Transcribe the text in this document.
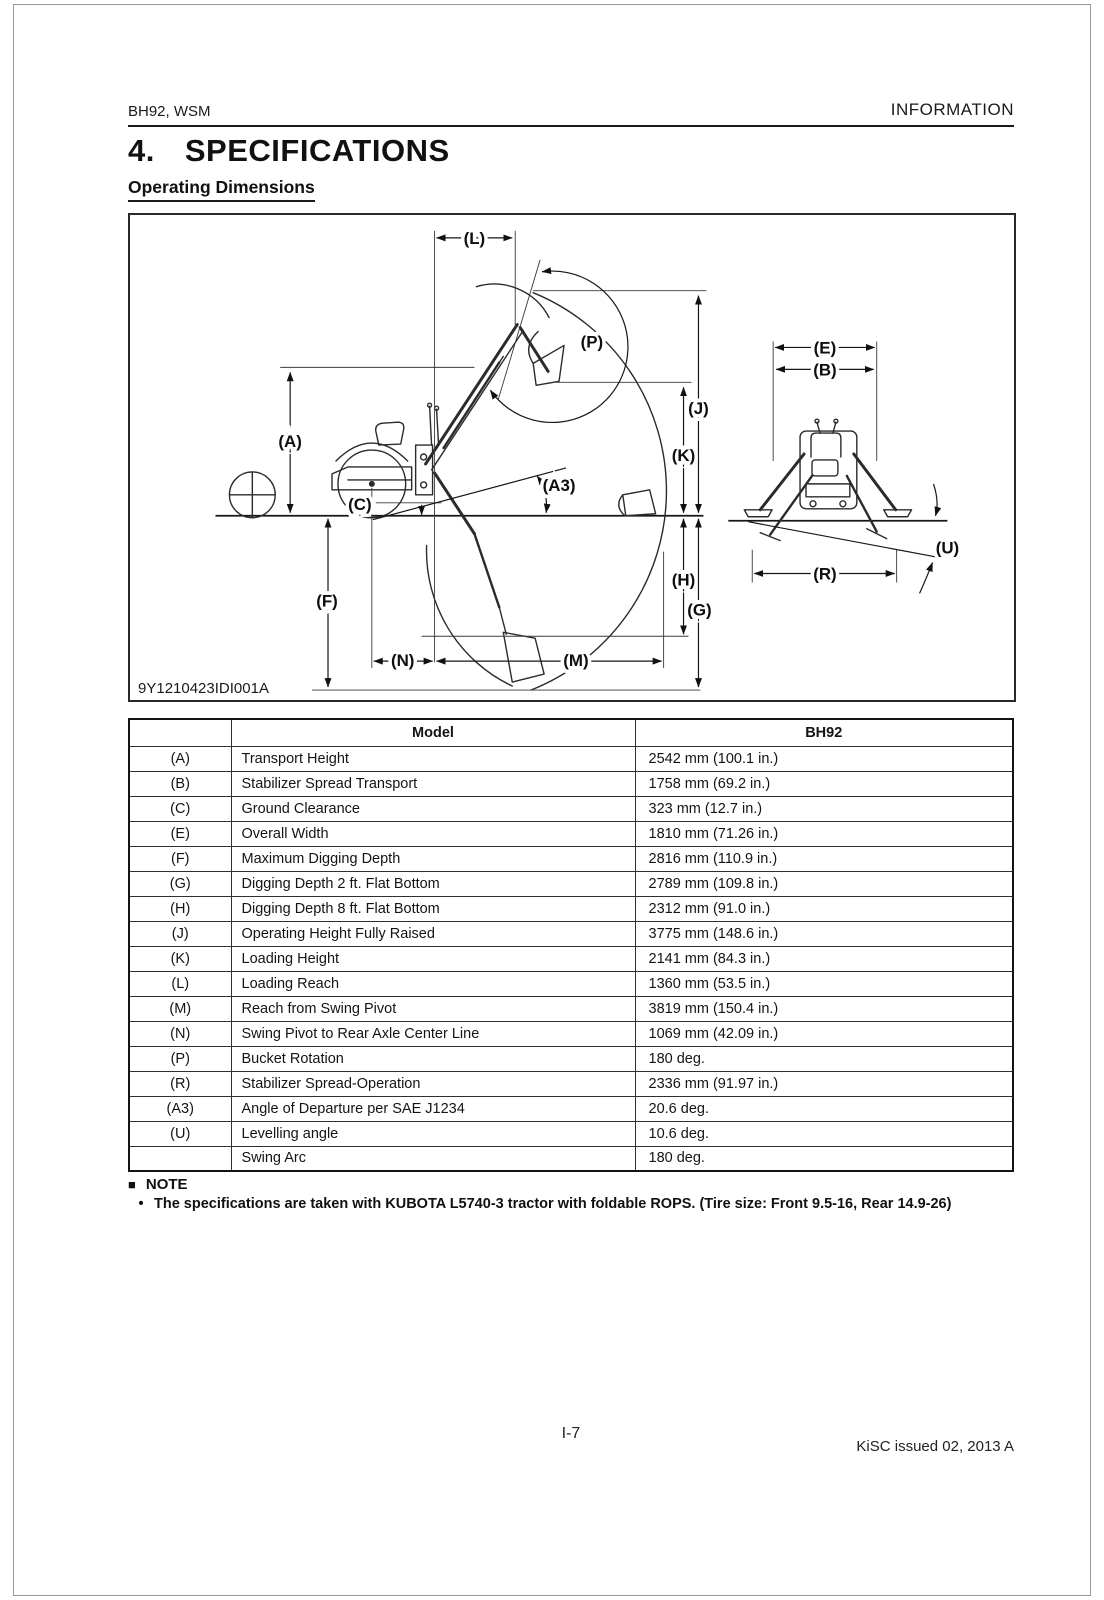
BH92, WSM	INFORMATION
4. SPECIFICATIONS
Operating Dimensions
(L)
(A)
(J)
(K)
(H)
(G)
(F)
(N)	(M)
(A3)
(C)
(P)	(E)
(B)
(R)
(U)
9Y1210423IDI001A
	Model	BH92
(A)	Transport Height	2542 mm (100.1 in.)
(B)	Stabilizer Spread Transport	1758 mm (69.2 in.)
(C)	Ground Clearance	323 mm (12.7 in.)
(E)	Overall Width	1810 mm (71.26 in.)
(F)	Maximum Digging Depth	2816 mm (110.9 in.)
(G)	Digging Depth 2 ft. Flat Bottom	2789 mm (109.8 in.)
(H)	Digging Depth 8 ft. Flat Bottom	2312 mm (91.0 in.)
(J)	Operating Height Fully Raised	3775 mm (148.6 in.)
(K)	Loading Height	2141 mm (84.3 in.)
(L)	Loading Reach	1360 mm (53.5 in.)
(M)	Reach from Swing Pivot	3819 mm (150.4 in.)
(N)	Swing Pivot to Rear Axle Center Line	1069 mm (42.09 in.)
(P)	Bucket Rotation	180 deg.
(R)	Stabilizer Spread-Operation	2336 mm (91.97 in.)
(A3)	Angle of Departure per SAE J1234	20.6 deg.
(U)	Levelling angle	10.6 deg.
	Swing Arc	180 deg.
■ NOTE
• The specifications are taken with KUBOTA L5740-3 tractor with foldable ROPS. (Tire size: Front 9.5-16, Rear 14.9-26)
I-7
KiSC issued 02, 2013 A
